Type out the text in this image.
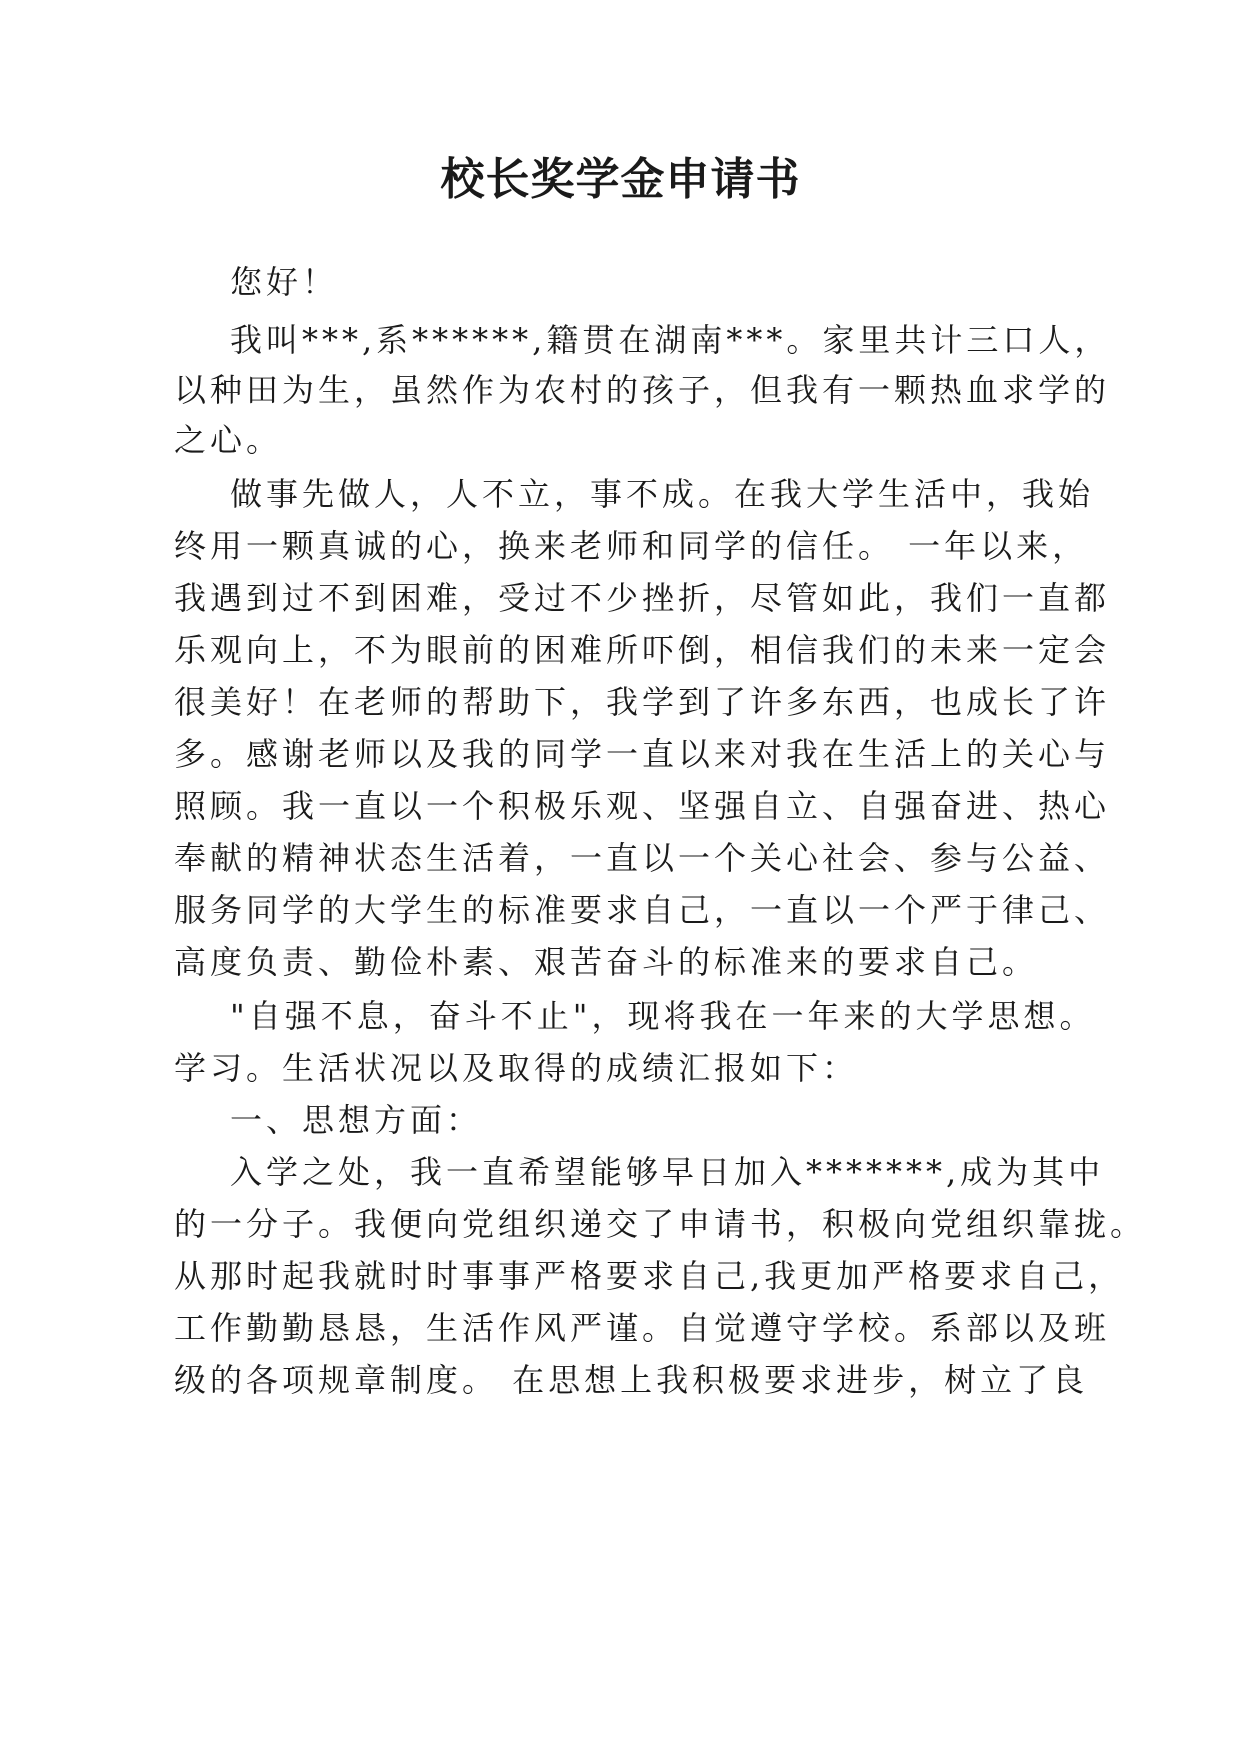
校长奖学金申请书
您好！
我叫***,系******,籍贯在湖南***。家里共计三口人，
以种田为生，虽然作为农村的孩子，但我有一颗热血求学的
之心。
做事先做人，人不立，事不成。在我大学生活中，我始
终用一颗真诚的心，换来老师和同学的信任。 一年以来，
我遇到过不到困难，受过不少挫折，尽管如此，我们一直都
乐观向上，不为眼前的困难所吓倒，相信我们的未来一定会
很美好！在老师的帮助下，我学到了许多东西，也成长了许
多。感谢老师以及我的同学一直以来对我在生活上的关心与
照顾。我一直以一个积极乐观、坚强自立、自强奋进、热心
奉献的精神状态生活着，一直以一个关心社会、参与公益、
服务同学的大学生的标准要求自己，一直以一个严于律己、
高度负责、勤俭朴素、艰苦奋斗的标准来的要求自己。
"自强不息，奋斗不止"，现将我在一年来的大学思想。
学习。生活状况以及取得的成绩汇报如下：
一、思想方面：
入学之处，我一直希望能够早日加入*******,成为其中
的一分子。我便向党组织递交了申请书，积极向党组织靠拢。
从那时起我就时时事事严格要求自己,我更加严格要求自己，
工作勤勤恳恳，生活作风严谨。自觉遵守学校。系部以及班
级的各项规章制度。 在思想上我积极要求进步，树立了良
